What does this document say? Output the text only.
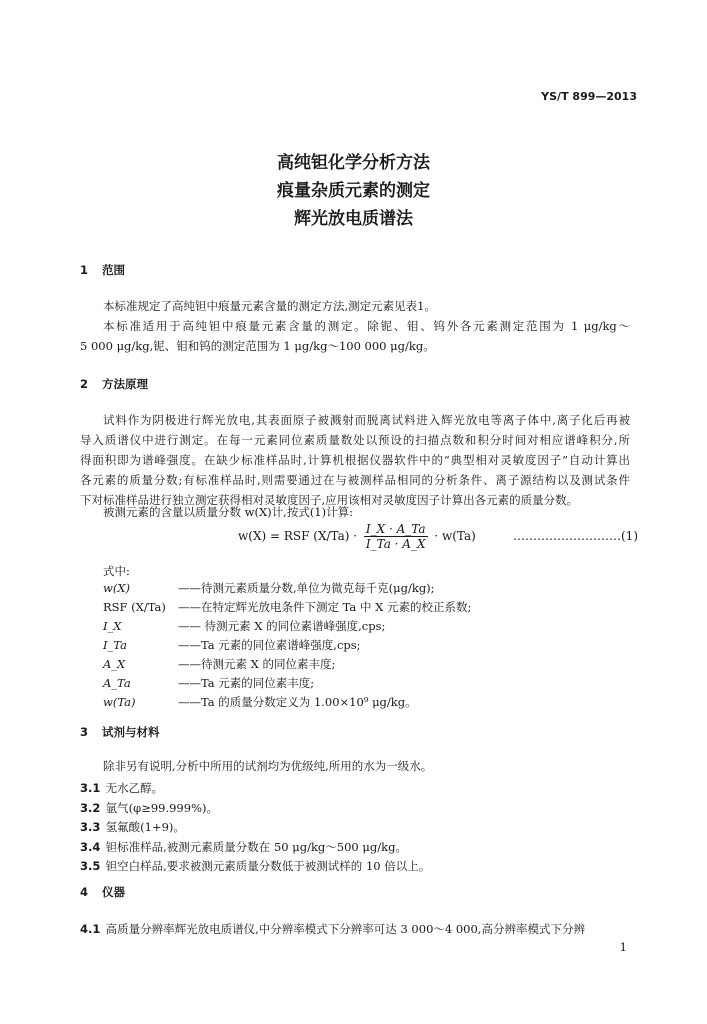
YS/T 899—2013
高纯钽化学分析方法
痕量杂质元素的测定
辉光放电质谱法
1 范围
本标准规定了高纯钽中痕量元素含量的测定方法,测定元素见表1。
本标准适用于高纯钽中痕量元素含量的测定。除铌、钼、钨外各元素测定范围为 1 μg/kg～
5 000 μg/kg,铌、钼和钨的测定范围为 1 μg/kg～100 000 μg/kg。
2 方法原理
试料作为阴极进行辉光放电,其表面原子被溅射而脱离试料进入辉光放电等离子体中,离子化后再被
导入质谱仪中进行测定。在每一元素同位素质量数处以预设的扫描点数和积分时间对相应谱峰积分,所
得面积即为谱峰强度。在缺少标准样品时,计算机根据仪器软件中的“典型相对灵敏度因子”自动计算出
各元素的质量分数;有标准样品时,则需要通过在与被测样品相同的分析条件、离子源结构以及测试条件
下对标准样品进行独立测定获得相对灵敏度因子,应用该相对灵敏度因子计算出各元素的质量分数。
被测元素的含量以质量分数 w(X)计,按式(1)计算:
w(X) = RSF $(X/Ta) \cdot \frac{I\_X \cdot A\_Ta}{I\_Ta \cdot A\_X} \cdot w(Ta)$	………………………(1)
式中:
w(X)	——待测元素质量分数,单位为微克每千克(μg/kg);
RSF (X/Ta) ——在特定辉光放电条件下测定 Ta 中 X 元素的校正系数;
I_X	—— 待测元素 X 的同位素谱峰强度,cps;
I_Ta	——Ta 元素的同位素谱峰强度,cps;
A_X	——待测元素 X 的同位素丰度;
A_Ta	——Ta 元素的同位素丰度;
w(Ta)	——Ta 的质量分数定义为 1.00×10⁹ μg/kg。
3 试剂与材料
除非另有说明,分析中所用的试剂均为优级纯,所用的水为一级水。
3.1 无水乙醇。
3.2 氩气(φ≥99.999%)。
3.3 氢氟酸(1+9)。
3.4 钽标准样品,被测元素质量分数在 50 μg/kg～500 μg/kg。
3.5 钽空白样品,要求被测元素质量分数低于被测试样的 10 倍以上。
4 仪器
4.1 高质量分辨率辉光放电质谱仪,中分辨率模式下分辨率可达 3 000～4 000,高分辨率模式下分辨
1
